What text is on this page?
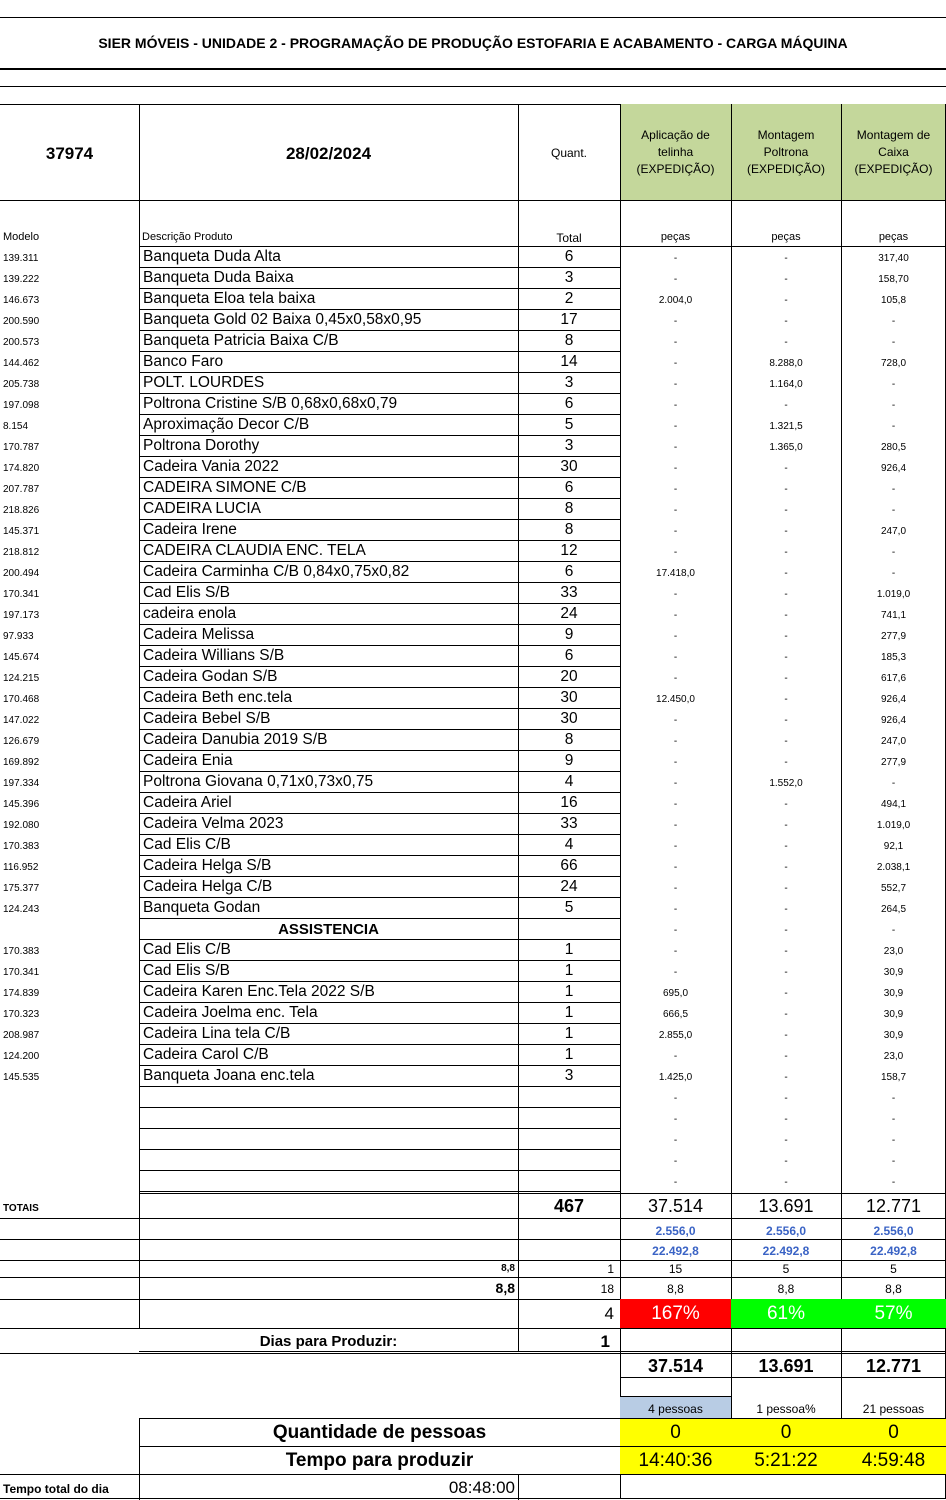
SIER MÓVEIS - UNIDADE 2 - PROGRAMAÇÃO DE PRODUÇÃO ESTOFARIA E ACABAMENTO - CARGA MÁQUINA
37974	28/02/2024	Quant.
Aplicação de
telinha
(EXPEDIÇÃO)
Montagem
Poltrona
(EXPEDIÇÃO)
Montagem de
Caixa
(EXPEDIÇÃO)
Modelo	Descrição Produto	Total	peças	peças	peças
139.311	Banqueta Duda Alta	6	-	-	317,40
139.222	Banqueta Duda Baixa	3	-	-	158,70
146.673	Banqueta Eloa tela baixa	2	2.004,0	-	105,8
200.590	Banqueta Gold 02 Baixa 0,45x0,58x0,95	17	-	-	-
200.573	Banqueta Patricia Baixa C/B	8	-	-	-
144.462	Banco Faro	14	-	8.288,0	728,0
205.738	POLT. LOURDES	3	-	1.164,0	-
197.098	Poltrona Cristine S/B 0,68x0,68x0,79	6	-	-	-
8.154	Aproximação Decor C/B	5	-	1.321,5	-
170.787	Poltrona Dorothy	3	-	1.365,0	280,5
174.820	Cadeira Vania 2022	30	-	-	926,4
207.787	CADEIRA SIMONE C/B	6	-	-	-
218.826	CADEIRA LUCIA	8	-	-	-
145.371	Cadeira Irene	8	-	-	247,0
218.812	CADEIRA CLAUDIA ENC. TELA	12	-	-	-
200.494	Cadeira Carminha C/B 0,84x0,75x0,82	6	17.418,0	-	-
170.341	Cad Elis S/B	33	-	-	1.019,0
197.173	cadeira enola	24	-	-	741,1
97.933	Cadeira Melissa	9	-	-	277,9
145.674	Cadeira Willians S/B	6	-	-	185,3
124.215	Cadeira Godan S/B	20	-	-	617,6
170.468	Cadeira Beth enc.tela	30	12.450,0	-	926,4
147.022	Cadeira Bebel S/B	30	-	-	926,4
126.679	Cadeira Danubia 2019 S/B	8	-	-	247,0
169.892	Cadeira Enia	9	-	-	277,9
197.334	Poltrona Giovana 0,71x0,73x0,75	4	-	1.552,0	-
145.396	Cadeira Ariel	16	-	-	494,1
192.080	Cadeira Velma 2023	33	-	-	1.019,0
170.383	Cad Elis C/B	4	-	-	92,1
116.952	Cadeira Helga S/B	66	-	-	2.038,1
175.377	Cadeira Helga C/B	24	-	-	552,7
124.243	Banqueta Godan	5	-	-	264,5
ASSISTENCIA	-	-	-
170.383	Cad Elis C/B	1	-	-	23,0
170.341	Cad Elis S/B	1	-	-	30,9
174.839	Cadeira Karen Enc.Tela 2022 S/B	1	695,0	-	30,9
170.323	Cadeira Joelma enc. Tela	1	666,5	-	30,9
208.987	Cadeira Lina tela C/B	1	2.855,0	-	30,9
124.200	Cadeira Carol C/B	1	-	-	23,0
145.535	Banqueta Joana enc.tela	3	1.425,0	-	158,7
-	-	-
-	-	-
-	-	-
-	-	-
-	-	-
TOTAIS	467	37.514	13.691	12.771
2.556,0	2.556,0	2.556,0
22.492,8	22.492,8	22.492,8
8,8	1	15	5	5
8,8	18	8,8	8,8	8,8
4	167%	61%	57%
Dias para Produzir:	1
37.514	13.691	12.771
4 pessoas	1 pessoa%	21 pessoas
Quantidade de pessoas	0	0	0
Tempo para produzir	14:40:36	5:21:22	4:59:48
Tempo total do dia	08:48:00
